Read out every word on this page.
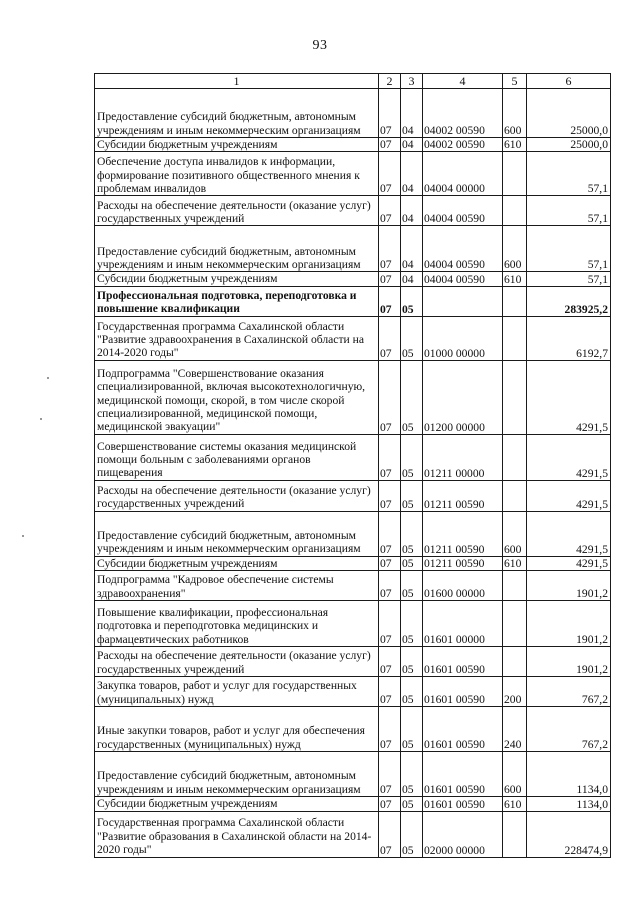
93
1	2	3	4	5	6
Предоставление субсидий бюджетным, автономным учреждениям и иным некоммерческим организациям	07	04	04002 00590	600	25000,0
Субсидии бюджетным учреждениям	07	04	04002 00590	610	25000,0
Обеспечение доступа инвалидов к информации, формирование позитивного общественного мнения к проблемам инвалидов	07	04	04004 00000		57,1
Расходы на обеспечение деятельности (оказание услуг) государственных учреждений	07	04	04004 00590		57,1
Предоставление субсидий бюджетным, автономным учреждениям и иным некоммерческим организациям	07	04	04004 00590	600	57,1
Субсидии бюджетным учреждениям	07	04	04004 00590	610	57,1
Профессиональная подготовка, переподготовка и повышение квалификации	07	05			283925,2
Государственная программа Сахалинской области "Развитие здравоохранения в Сахалинской области на 2014-2020 годы"	07	05	01000 00000		6192,7
Подпрограмма "Совершенствование оказания специализированной, включая высокотехнологичную, медицинской помощи, скорой, в том числе скорой специализированной, медицинской помощи, медицинской эвакуации"	07	05	01200 00000		4291,5
Совершенствование системы оказания медицинской помощи больным с заболеваниями органов пищеварения	07	05	01211 00000		4291,5
Расходы на обеспечение деятельности (оказание услуг) государственных учреждений	07	05	01211 00590		4291,5
Предоставление субсидий бюджетным, автономным учреждениям и иным некоммерческим организациям	07	05	01211 00590	600	4291,5
Субсидии бюджетным учреждениям	07	05	01211 00590	610	4291,5
Подпрограмма "Кадровое обеспечение системы здравоохранения"	07	05	01600 00000		1901,2
Повышение квалификации, профессиональная подготовка и переподготовка медицинских и фармацевтических работников	07	05	01601 00000		1901,2
Расходы на обеспечение деятельности (оказание услуг) государственных учреждений	07	05	01601 00590		1901,2
Закупка товаров, работ и услуг для государственных (муниципальных) нужд	07	05	01601 00590	200	767,2
Иные закупки товаров, работ и услуг для обеспечения государственных (муниципальных) нужд	07	05	01601 00590	240	767,2
Предоставление субсидий бюджетным, автономным учреждениям и иным некоммерческим организациям	07	05	01601 00590	600	1134,0
Субсидии бюджетным учреждениям	07	05	01601 00590	610	1134,0
Государственная программа Сахалинской области "Развитие образования в Сахалинской области на 2014-2020 годы"	07	05	02000 00000		228474,9
